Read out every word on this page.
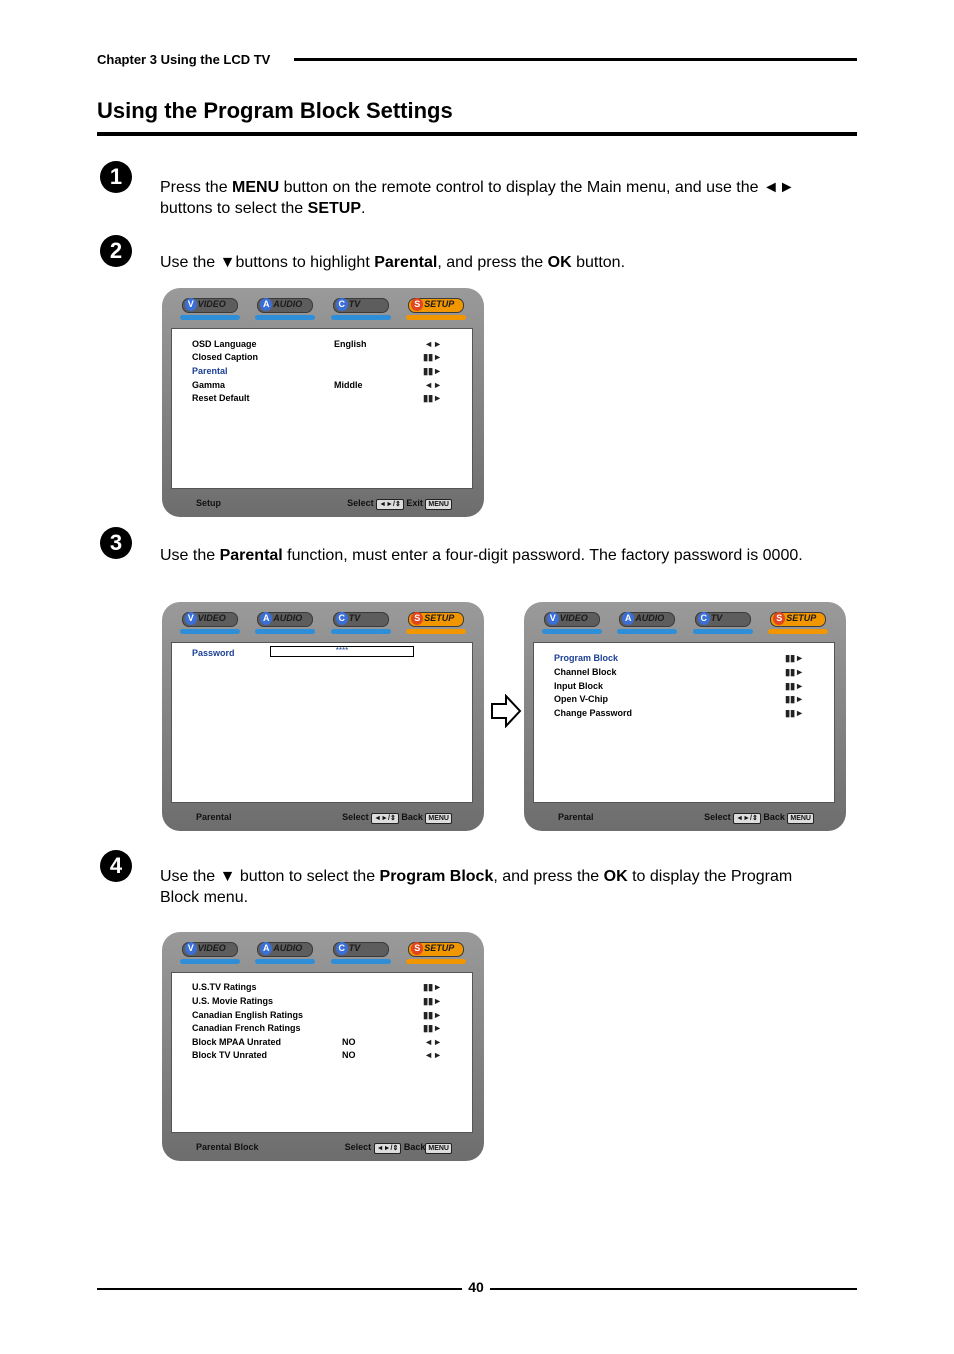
Chapter 3 Using the LCD TV
Using the Program Block Settings
1	Press the MENU button on the remote control to display the Main menu, and use the ◄► buttons to select the SETUP.
2	Use the ▼buttons to highlight Parental, and press the OK button.
V VIDEO	A AUDIO	C TV	S SETUP
OSD Language	English	◄►
Closed Caption	▮▮►
Parental	▮▮►
Gamma	Middle	◄►
Reset Default	▮▮►
Setup	Select ◄►/⇕ Exit MENU
3
Use the Parental function, must enter a four-digit password. The factory password is 0000.
V VIDEO	A AUDIO	C TV	S SETUP
Password	****
Parental	Select ◄►/⇕ Back MENU
V VIDEO	A AUDIO	C TV	S SETUP
Program Block	▮▮►
Channel Block	▮▮►
Input Block	▮▮►
Open V-Chip	▮▮►
Change Password	▮▮►
Parental	Select ◄►/⇕ Back MENU
4	Use the ▼ button to select the Program Block, and press the OK to display the Program Block menu.
V VIDEO	A AUDIO	C TV	S SETUP
U.S.TV Ratings	▮▮►
U.S. Movie Ratings	▮▮►
Canadian English Ratings	▮▮►
Canadian French Ratings	▮▮►
Block MPAA Unrated	NO	◄►
Block TV Unrated	NO	◄►
Parental Block	Select ◄►/⇕ Back MENU
40
